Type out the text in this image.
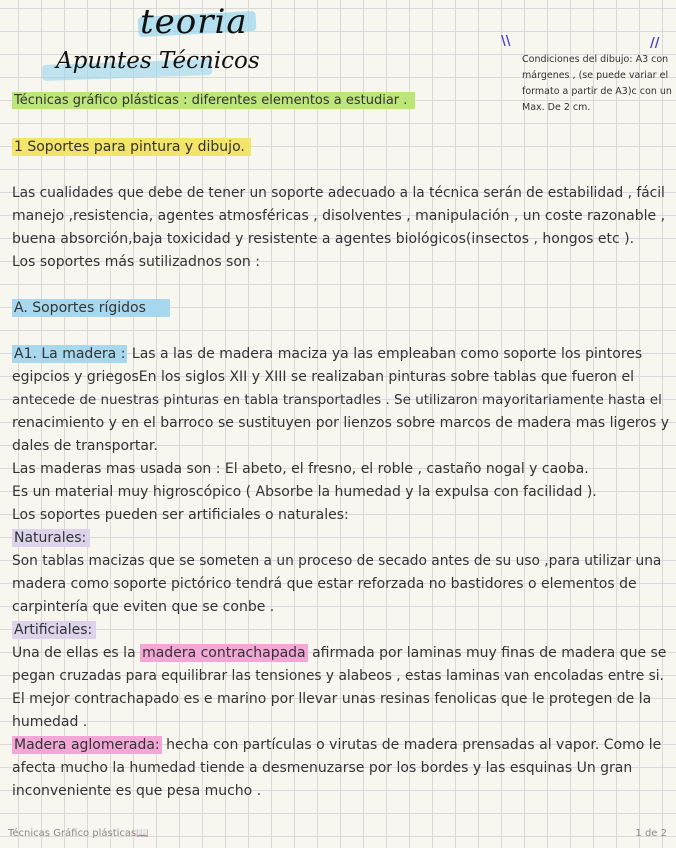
teoria
Apuntes Técnicos
\\	//
Condiciones del dibujo: A3 con márgenes , (se puede variar el formato a partir de A3)c con un Max. De 2 cm.
Técnicas gráfico plásticas : diferentes elementos a estudiar .
1 Soportes para pintura y dibujo.
Las cualidades que debe de tener un soporte adecuado a la técnica serán de estabilidad , fácil
manejo ,resistencia, agentes atmosféricas , disolventes , manipulación , un coste razonable ,
buena absorción,baja toxicidad y resistente a agentes biológicos(insectos , hongos etc ).
Los soportes más sutilizadnos son :
A. Soportes rígidos
A1. La madera : Las a las de madera maciza ya las empleaban como soporte los pintores
egipcios y griegosEn los siglos XII y XIII se realizaban pinturas sobre tablas que fueron el
antecede de nuestras pinturas en tabla transportadles . Se utilizaron mayoritariamente hasta el
renacimiento y en el barroco se sustituyen por lienzos sobre marcos de madera mas ligeros y
dales de transportar.
Las maderas mas usada son : El abeto, el fresno, el roble , castaño nogal y caoba.
Es un material muy higroscópico ( Absorbe la humedad y la expulsa con facilidad ).
Los soportes pueden ser artificiales o naturales:
Naturales:
Son tablas macizas que se someten a un proceso de secado antes de su uso ,para utilizar una
madera como soporte pictórico tendrá que estar reforzada no bastidores o elementos de
carpintería que eviten que se conbe .
Artificiales:
Una de ellas es la madera contrachapada afirmada por laminas muy finas de madera que se
pegan cruzadas para equilibrar las tensiones y alabeos , estas laminas van encoladas entre si.
El mejor contrachapado es e marino por llevar unas resinas fenolicas que le protegen de la
humedad .
Madera aglomerada: hecha con partículas o virutas de madera prensadas al vapor. Como le
afecta mucho la humedad tiende a desmenuzarse por los bordes y las esquinas Un gran
inconveniente es que pesa mucho .
Técnicas Gráfico plásticas📖	1 de 2
